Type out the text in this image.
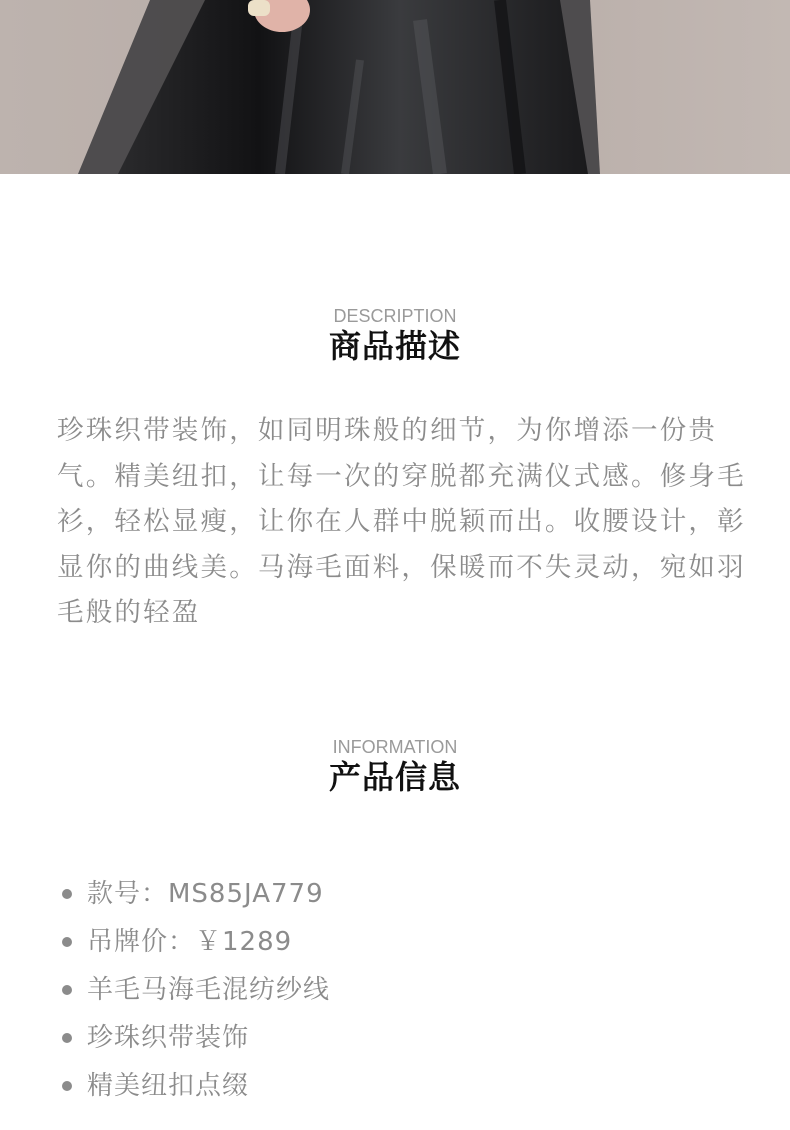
DESCRIPTION
商品描述

珍珠织带装饰，如同明珠般的细节，为你增添一份贵气。精美纽扣，让每一次的穿脱都充满仪式感。修身毛衫，轻松显瘦，让你在人群中脱颖而出。收腰设计，彰显你的曲线美。马海毛面料，保暖而不失灵动，宛如羽毛般的轻盈

INFORMATION
产品信息
款号：MS85JA779
吊牌价：￥1289
羊毛马海毛混纺纱线
珍珠织带装饰
精美纽扣点缀
